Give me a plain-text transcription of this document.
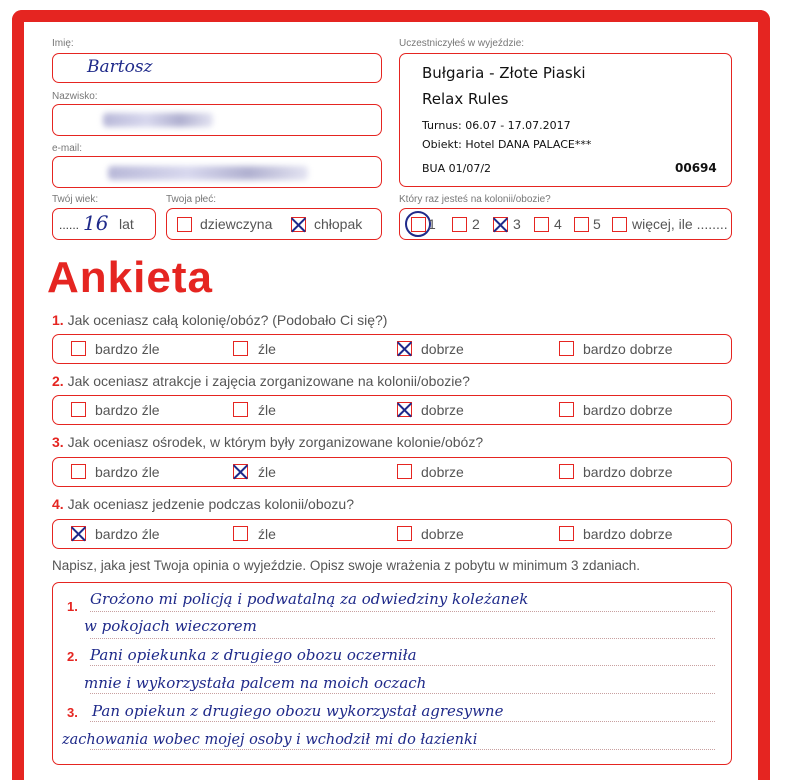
Imię:
Bartosz
Nazwisko:
e-mail:
Twój wiek:
...... 16 lat
Twoja płeć:
dziewczyna	chłopak
Uczestniczyłeś w wyjeździe:
Bułgaria - Złote Piaski
Relax Rules
Turnus: 06.07 - 17.07.2017
Obiekt: Hotel DANA PALACE***
BUA 01/07/2	00694
Który raz jesteś na kolonii/obozie?
1	2 3 4 5 więcej, ile ........
Ankieta
1. Jak oceniasz całą kolonię/obóz? (Podobało Ci się?)
bardzo źle	źle	dobrze	bardzo dobrze
2. Jak oceniasz atrakcje i zajęcia zorganizowane na kolonii/obozie?
bardzo źle	źle	dobrze	bardzo dobrze
3. Jak oceniasz ośrodek, w którym były zorganizowane kolonie/obóz?
bardzo źle	źle	dobrze	bardzo dobrze
4. Jak oceniasz jedzenie podczas kolonii/obozu?
bardzo źle	źle	dobrze	bardzo dobrze
Napisz, jaka jest Twoja opinia o wyjeździe. Opisz swoje wrażenia z pobytu w minimum 3 zdaniach.
1.
2.
3.
Grożono mi policją i podwatalną za odwiedziny koleżanek
w pokojach wieczorem
Pani opiekunka z drugiego obozu oczerniła
mnie i wykorzystała palcem na moich oczach
Pan opiekun z drugiego obozu wykorzystał agresywne
zachowania wobec mojej osoby i wchodził mi do łazienki
